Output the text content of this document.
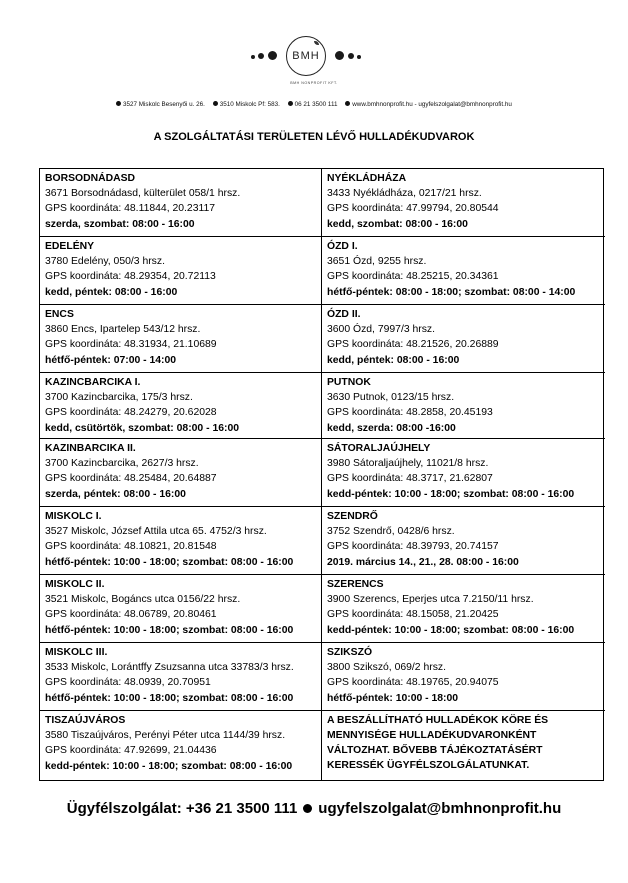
BMH
BMH NONPROFIT KFT.
3527 Miskolc Besenyői u. 26. 3510 Miskolc Pf: 583. 06 21 3500 111 www.bmhnonprofit.hu - ugyfelszolgalat@bmhnonprofit.hu
A SZOLGÁLTATÁSI TERÜLETEN LÉVŐ HULLADÉKUDVAROK
BORSODNÁDASD
3671 Borsodnádasd, külterület 058/1 hrsz.
GPS koordináta: 48.11844, 20.23117
szerda, szombat: 08:00 - 16:00
NYÉKLÁDHÁZA
3433 Nyékládháza, 0217/21 hrsz.
GPS koordináta: 47.99794, 20.80544
kedd, szombat: 08:00 - 16:00
EDELÉNY
3780 Edelény, 050/3 hrsz.
GPS koordináta: 48.29354, 20.72113
kedd, péntek: 08:00 - 16:00
ÓZD I.
3651 Ózd, 9255 hrsz.
GPS koordináta: 48.25215, 20.34361
hétfő-péntek: 08:00 - 18:00; szombat: 08:00 - 14:00
ENCS
3860 Encs, Ipartelep 543/12 hrsz.
GPS koordináta: 48.31934, 21.10689
hétfő-péntek: 07:00 - 14:00
ÓZD II.
3600 Ózd, 7997/3 hrsz.
GPS koordináta: 48.21526, 20.26889
kedd, péntek: 08:00 - 16:00
KAZINCBARCIKA I.
3700 Kazincbarcika, 175/3 hrsz.
GPS koordináta: 48.24279, 20.62028
kedd, csütörtök, szombat: 08:00 - 16:00
PUTNOK
3630 Putnok, 0123/15 hrsz.
GPS koordináta: 48.2858, 20.45193
kedd, szerda: 08:00 -16:00
KAZINBARCIKA II.
3700 Kazincbarcika, 2627/3 hrsz.
GPS koordináta: 48.25484, 20.64887
szerda, péntek: 08:00 - 16:00
SÁTORALJAÚJHELY
3980 Sátoraljaújhely, 11021/8 hrsz.
GPS koordináta: 48.3717, 21.62807
kedd-péntek: 10:00 - 18:00; szombat: 08:00 - 16:00
MISKOLC I.
3527 Miskolc, József Attila utca 65. 4752/3 hrsz.
GPS koordináta: 48.10821, 20.81548
hétfő-péntek: 10:00 - 18:00; szombat: 08:00 - 16:00
SZENDRŐ
3752 Szendrő, 0428/6 hrsz.
GPS koordináta: 48.39793, 20.74157
2019. március 14., 21., 28. 08:00 - 16:00
MISKOLC II.
3521 Miskolc, Bogáncs utca 0156/22 hrsz.
GPS koordináta: 48.06789, 20.80461
hétfő-péntek: 10:00 - 18:00; szombat: 08:00 - 16:00
SZERENCS
3900 Szerencs, Eperjes utca 7.2150/11 hrsz.
GPS koordináta: 48.15058, 21.20425
kedd-péntek: 10:00 - 18:00; szombat: 08:00 - 16:00
MISKOLC III.
3533 Miskolc, Lorántffy Zsuzsanna utca 33783/3 hrsz.
GPS koordináta: 48.0939, 20.70951
hétfő-péntek: 10:00 - 18:00; szombat: 08:00 - 16:00
SZIKSZÓ
3800 Szikszó, 069/2 hrsz.
GPS koordináta: 48.19765, 20.94075
hétfő-péntek: 10:00 - 18:00
TISZAÚJVÁROS
3580 Tiszaújváros, Perényi Péter utca 1144/39 hrsz.
GPS koordináta: 47.92699, 21.04436
kedd-péntek: 10:00 - 18:00; szombat: 08:00 - 16:00
A BESZÁLLÍTHATÓ HULLADÉKOK KÖRE ÉS MENNYISÉGE HULLADÉKUDVARONKÉNT VÁLTOZHAT. BŐVEBB TÁJÉKOZTATÁSÉRT KERESSÉK ÜGYFÉLSZOLGÁLATUNKAT.
Ügyfélszolgálat: +36 21 3500 111 ugyfelszolgalat@bmhnonprofit.hu
